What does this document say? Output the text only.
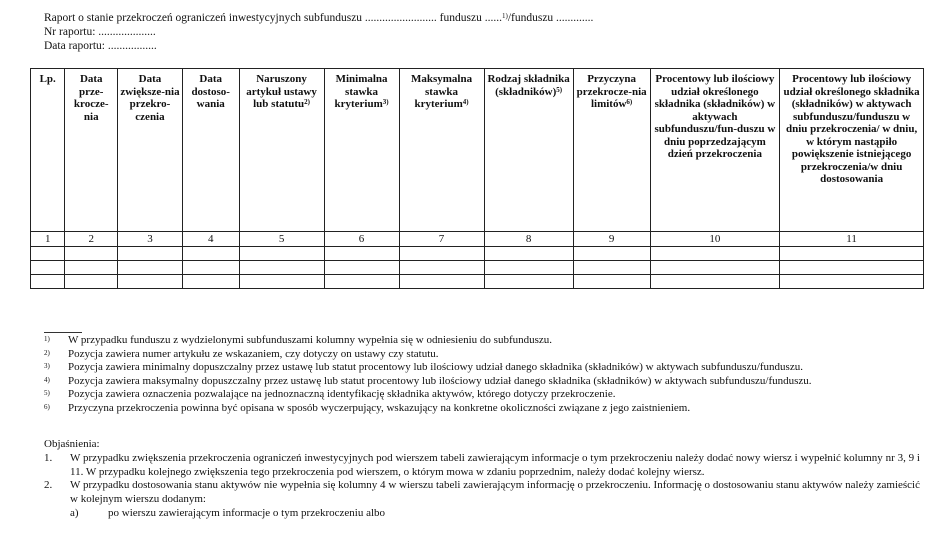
Raport o stanie przekroczeń ograniczeń inwestycyjnych subfunduszu ......................... funduszu ......$^{1)}$/funduszu .............
Nr raportu: ....................
Data raportu: .................
Lp.	Data prze-krocze-nia	Data zwiększe-nia przekro-czenia	Data dostoso-wania	Naruszony artykuł ustawy lub statutu$^{2)}$	Minimalna stawka kryterium$^{3)}$	Maksymalna stawka kryterium$^{4)}$	Rodzaj składnika (składników)$^{5)}$	Przyczyna przekrocze-nia limitów$^{6)}$	Procentowy lub ilościowy udział określonego składnika (składników) w aktywach subfunduszu/fun-duszu w dniu poprzedzającym dzień przekroczenia	Procentowy lub ilościowy udział określonego składnika (składników) w aktywach subfunduszu/funduszu w dniu przekroczenia/ w dniu, w którym nastąpiło powiększenie istniejącego przekroczenia/w dniu dostosowania
1	2	3	4	5	6	7	8	9	10	11

1)	W przypadku funduszu z wydzielonymi subfunduszami kolumny wypełnia się w odniesieniu do subfunduszu.
2)	Pozycja zawiera numer artykułu ze wskazaniem, czy dotyczy on ustawy czy statutu.
3)	Pozycja zawiera minimalny dopuszczalny przez ustawę lub statut procentowy lub ilościowy udział danego składnika (składników) w aktywach subfunduszu/funduszu.
4)	Pozycja zawiera maksymalny dopuszczalny przez ustawę lub statut procentowy lub ilościowy udział danego składnika (składników) w aktywach subfunduszu/funduszu.
5)	Pozycja zawiera oznaczenia pozwalające na jednoznaczną identyfikację składnika aktywów, którego dotyczy przekroczenie.
6)	Przyczyna przekroczenia powinna być opisana w sposób wyczerpujący, wskazujący na konkretne okoliczności związane z jego zaistnieniem.
Objaśnienia:
1.	W przypadku zwiększenia przekroczenia ograniczeń inwestycyjnych pod wierszem tabeli zawierającym informacje o tym przekroczeniu należy dodać nowy wiersz i wypełnić kolumny nr 3, 9 i 11. W przypadku kolejnego zwiększenia tego przekroczenia pod wierszem, o którym mowa w zdaniu poprzednim, należy dodać kolejny wiersz.
2.	W przypadku dostosowania stanu aktywów nie wypełnia się kolumny 4 w wierszu tabeli zawierającym informację o przekroczeniu. Informację o dostosowaniu stanu aktywów należy zamieścić w kolejnym wierszu dodanym:
a)	po wierszu zawierającym informacje o tym przekroczeniu albo
